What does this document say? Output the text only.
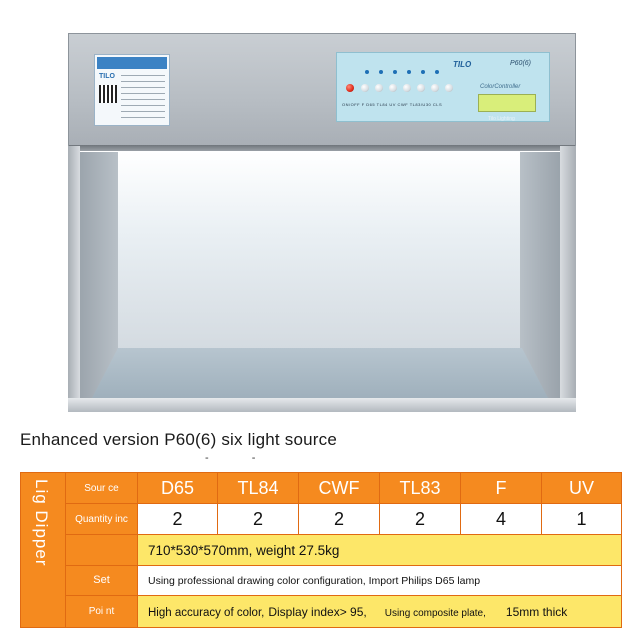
TILO
TILO	P60(6)
ColorController
ON/OFF F D65 TL84 UV CWF TL83/U30 CLS
Tilo Lighting
Enhanced version P60(6) six light source
- -
Lig Dipper	Sour ce	D65	TL84	CWF	TL83	F	UV
Quantity inc	2	2	2	2	4	1
710*530*570mm, weight 27.5kg
Set	Using professional drawing color configuration, Import Philips D65 lamp
Poi nt	High accuracy of color, Display index> 95, Using composite plate, 15mm thick
